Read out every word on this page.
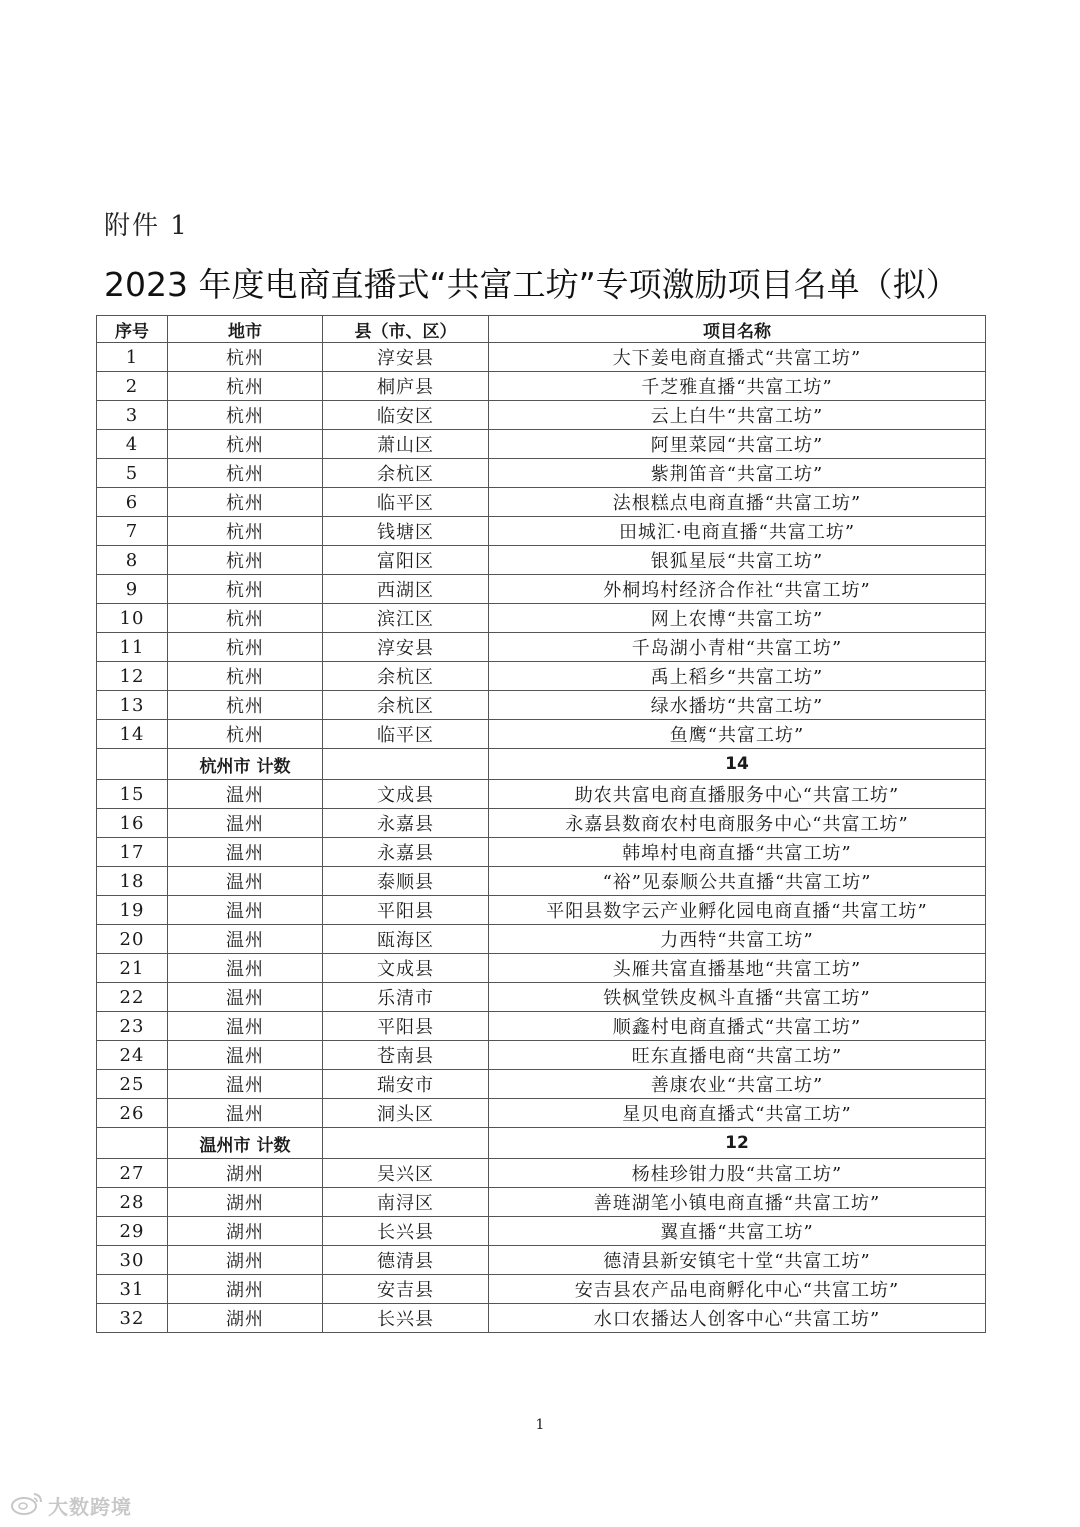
附件 1
2023 年度电商直播式“共富工坊”专项激励项目名单（拟）
序号	地市	县（市、区）	项目名称
1	杭州	淳安县	大下姜电商直播式“共富工坊”
2	杭州	桐庐县	千芝雅直播“共富工坊”
3	杭州	临安区	云上白牛“共富工坊”
4	杭州	萧山区	阿里菜园“共富工坊”
5	杭州	余杭区	紫荆笛音“共富工坊”
6	杭州	临平区	法根糕点电商直播“共富工坊”
7	杭州	钱塘区	田城汇·电商直播“共富工坊”
8	杭州	富阳区	银狐星辰“共富工坊”
9	杭州	西湖区	外桐坞村经济合作社“共富工坊”
10	杭州	滨江区	网上农博“共富工坊”
11	杭州	淳安县	千岛湖小青柑“共富工坊”
12	杭州	余杭区	禹上稻乡“共富工坊”
13	杭州	余杭区	绿水播坊“共富工坊”
14	杭州	临平区	鱼鹰“共富工坊”
	杭州市 计数		14
15	温州	文成县	助农共富电商直播服务中心“共富工坊”
16	温州	永嘉县	永嘉县数商农村电商服务中心“共富工坊”
17	温州	永嘉县	韩埠村电商直播“共富工坊”
18	温州	泰顺县	“裕”见泰顺公共直播“共富工坊”
19	温州	平阳县	平阳县数字云产业孵化园电商直播“共富工坊”
20	温州	瓯海区	力西特“共富工坊”
21	温州	文成县	头雁共富直播基地“共富工坊”
22	温州	乐清市	铁枫堂铁皮枫斗直播“共富工坊”
23	温州	平阳县	顺鑫村电商直播式“共富工坊”
24	温州	苍南县	旺东直播电商“共富工坊”
25	温州	瑞安市	善康农业“共富工坊”
26	温州	洞头区	星贝电商直播式“共富工坊”
	温州市 计数		12
27	湖州	吴兴区	杨桂珍钳力股“共富工坊”
28	湖州	南浔区	善琏湖笔小镇电商直播“共富工坊”
29	湖州	长兴县	翼直播“共富工坊”
30	湖州	德清县	德清县新安镇宅十堂“共富工坊”
31	湖州	安吉县	安吉县农产品电商孵化中心“共富工坊”
32	湖州	长兴县	水口农播达人创客中心“共富工坊”
1
大数跨境
